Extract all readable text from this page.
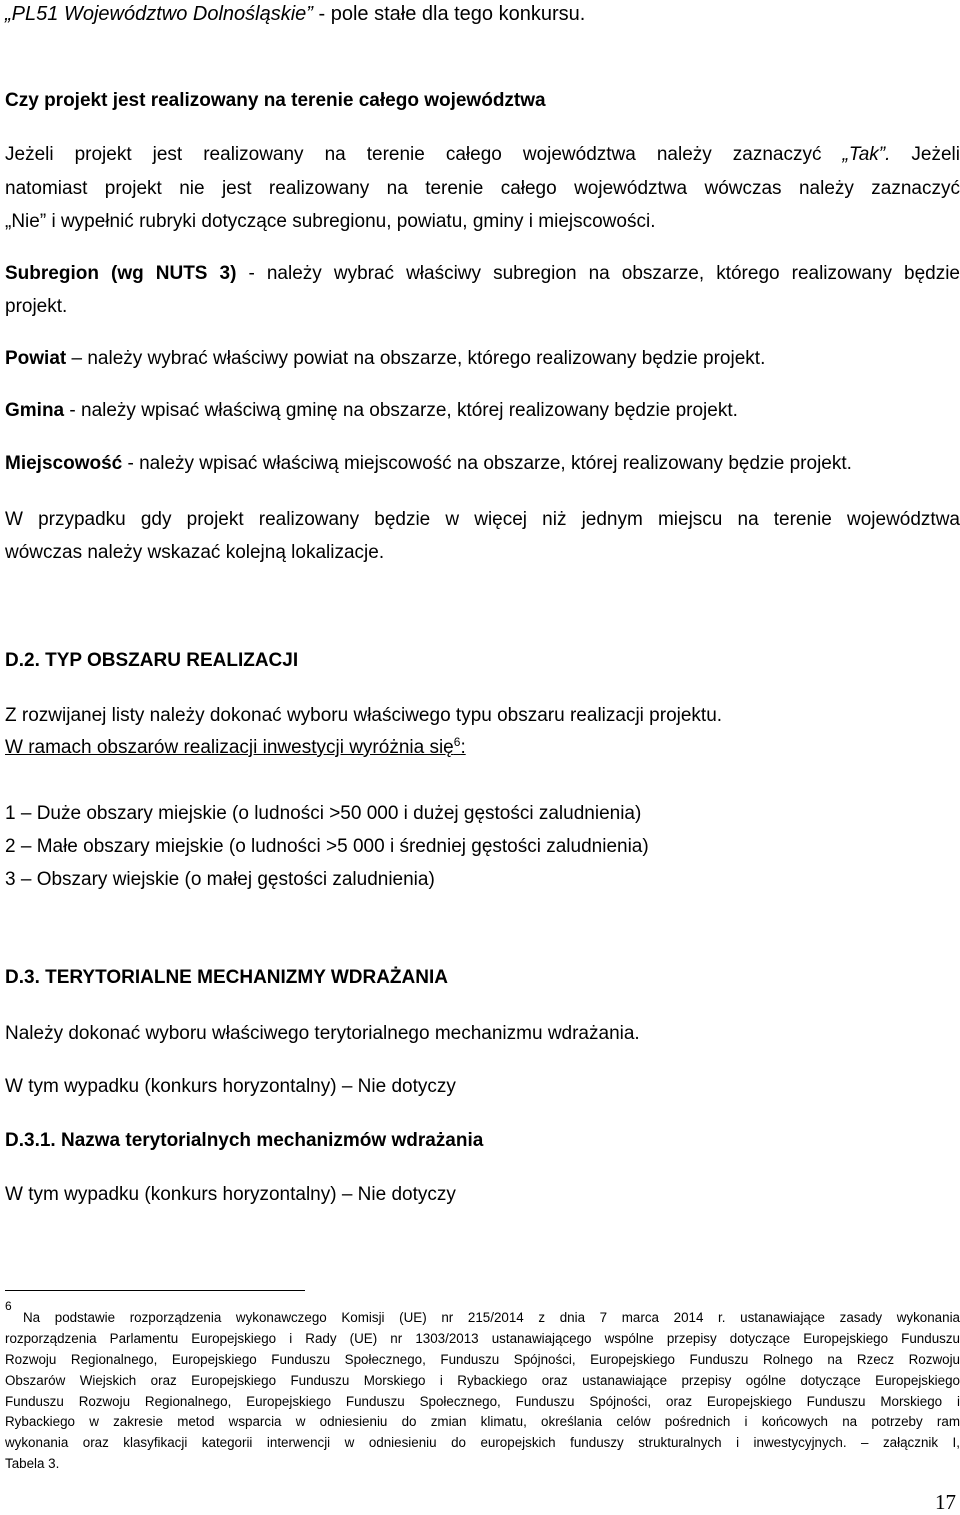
„PL51 Województwo Dolnośląskie” - pole stałe dla tego konkursu.
Czy projekt jest realizowany na terenie całego województwa
Jeżeli projekt jest realizowany na terenie całego województwa należy zaznaczyć „Tak”. Jeżeli
natomiast projekt nie jest realizowany na terenie całego województwa wówczas należy zaznaczyć
„Nie” i wypełnić rubryki dotyczące subregionu, powiatu, gminy i miejscowości.
Subregion (wg NUTS 3) - należy wybrać właściwy subregion na obszarze, którego realizowany będzie
projekt.
Powiat – należy wybrać właściwy powiat na obszarze, którego realizowany będzie projekt.
Gmina - należy wpisać właściwą gminę na obszarze, której realizowany będzie projekt.
Miejscowość - należy wpisać właściwą miejscowość na obszarze, której realizowany będzie projekt.
W przypadku gdy projekt realizowany będzie w więcej niż jednym miejscu na terenie województwa
wówczas należy wskazać kolejną lokalizacje.
D.2. TYP OBSZARU REALIZACJI
Z rozwijanej listy należy dokonać wyboru właściwego typu obszaru realizacji projektu.
W ramach obszarów realizacji inwestycji wyróżnia się$^6$:
1 – Duże obszary miejskie (o ludności >50 000 i dużej gęstości zaludnienia)
2 – Małe obszary miejskie (o ludności >5 000 i średniej gęstości zaludnienia)
3 – Obszary wiejskie (o małej gęstości zaludnienia)
D.3. TERYTORIALNE MECHANIZMY WDRAŻANIA
Należy dokonać wyboru właściwego terytorialnego mechanizmu wdrażania.
W tym wypadku (konkurs horyzontalny) – Nie dotyczy
D.3.1. Nazwa terytorialnych mechanizmów wdrażania
W tym wypadku (konkurs horyzontalny) – Nie dotyczy
6
Na podstawie rozporządzenia wykonawczego Komisji (UE) nr 215/2014 z dnia 7 marca 2014 r. ustanawiające zasady wykonania
rozporządzenia Parlamentu Europejskiego i Rady (UE) nr 1303/2013 ustanawiającego wspólne przepisy dotyczące Europejskiego Funduszu
Rozwoju Regionalnego, Europejskiego Funduszu Społecznego, Funduszu Spójności, Europejskiego Funduszu Rolnego na Rzecz Rozwoju
Obszarów Wiejskich oraz Europejskiego Funduszu Morskiego i Rybackiego oraz ustanawiające przepisy ogólne dotyczące Europejskiego
Funduszu Rozwoju Regionalnego, Europejskiego Funduszu Społecznego, Funduszu Spójności, oraz Europejskiego Funduszu Morskiego i
Rybackiego w zakresie metod wsparcia w odniesieniu do zmian klimatu, określania celów pośrednich i końcowych na potrzeby ram
wykonania oraz klasyfikacji kategorii interwencji w odniesieniu do europejskich funduszy strukturalnych i inwestycyjnych. – załącznik I,
Tabela 3.
17
